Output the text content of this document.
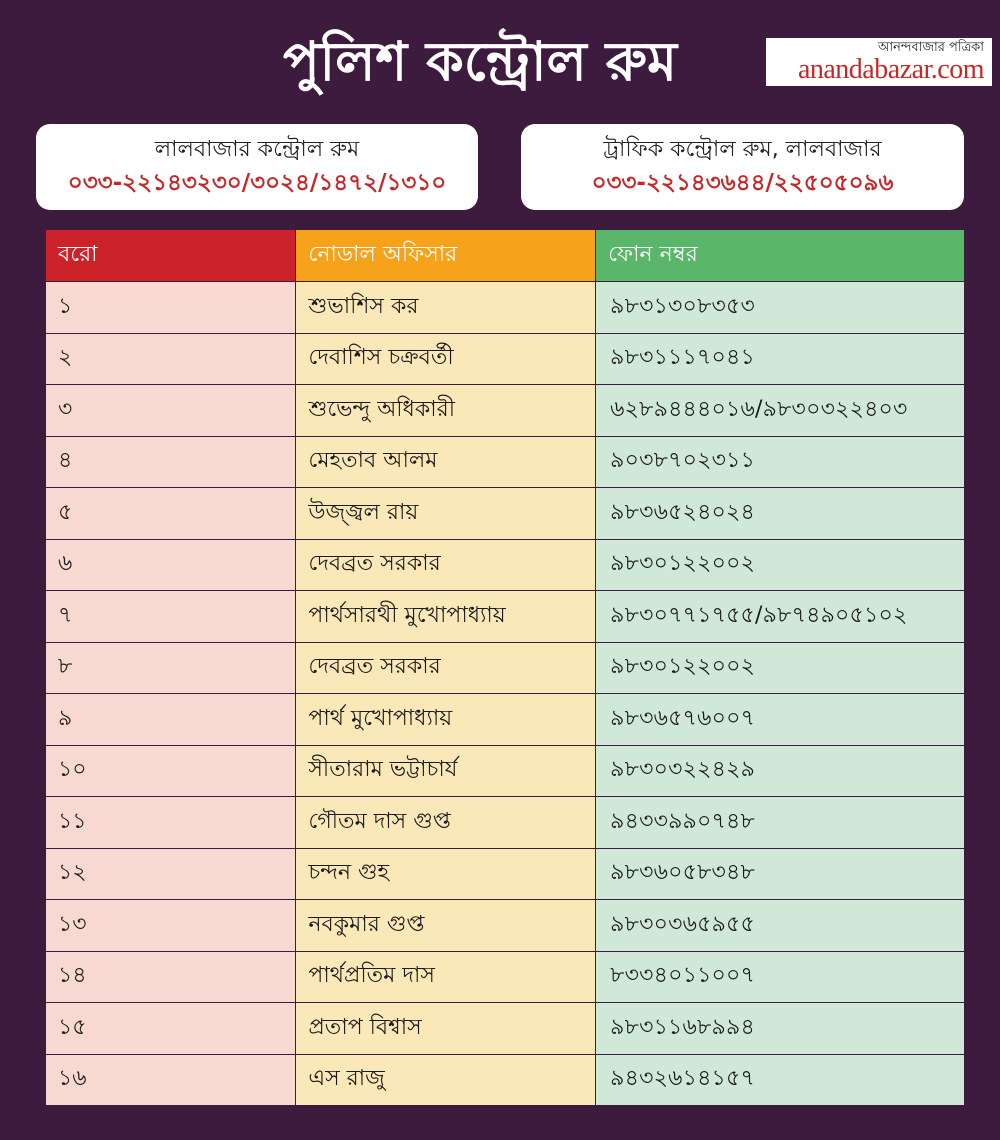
পুলিশ কন্ট্রোল রুম	আনন্দবাজার পত্রিকা
anandabazar.com
লালবাজার কন্ট্রোল রুম
০৩৩-২২১৪৩২৩০/৩০২৪/১৪৭২/১৩১০
ট্রাফিক কন্ট্রোল রুম, লালবাজার
০৩৩-২২১৪৩৬৪৪/২২৫০৫০৯৬
বরো	নোডাল অফিসার	ফোন নম্বর
১	শুভাশিস কর	৯৮৩১৩০৮৩৫৩
২	দেবাশিস চক্রবর্তী	৯৮৩১১১৭০৪১
৩	শুভেন্দু অধিকারী	৬২৮৯৪৪৪০১৬/৯৮৩০৩২২৪০৩
৪	মেহতাব আলম	৯০৩৮৭০২৩১১
৫	উজ্জ্বল রায়	৯৮৩৬৫২৪০২৪
৬	দেবব্রত সরকার	৯৮৩০১২২০০২
৭	পার্থসারথী মুখোপাধ্যায়	৯৮৩০৭৭১৭৫৫/৯৮৭৪৯০৫১০২
৮	দেবব্রত সরকার	৯৮৩০১২২০০২
৯	পার্থ মুখোপাধ্যায়	৯৮৩৬৫৭৬০০৭
১০	সীতারাম ভট্টাচার্য	৯৮৩০৩২২৪২৯
১১	গৌতম দাস গুপ্ত	৯৪৩৩৯৯০৭৪৮
১২	চন্দন গুহ	৯৮৩৬০৫৮৩৪৮
১৩	নবকুমার গুপ্ত	৯৮৩০৩৬৫৯৫৫
১৪	পার্থপ্রতিম দাস	৮৩৩৪০১১০০৭
১৫	প্রতাপ বিশ্বাস	৯৮৩১১৬৮৯৯৪
১৬	এস রাজু	৯৪৩২৬১৪১৫৭
